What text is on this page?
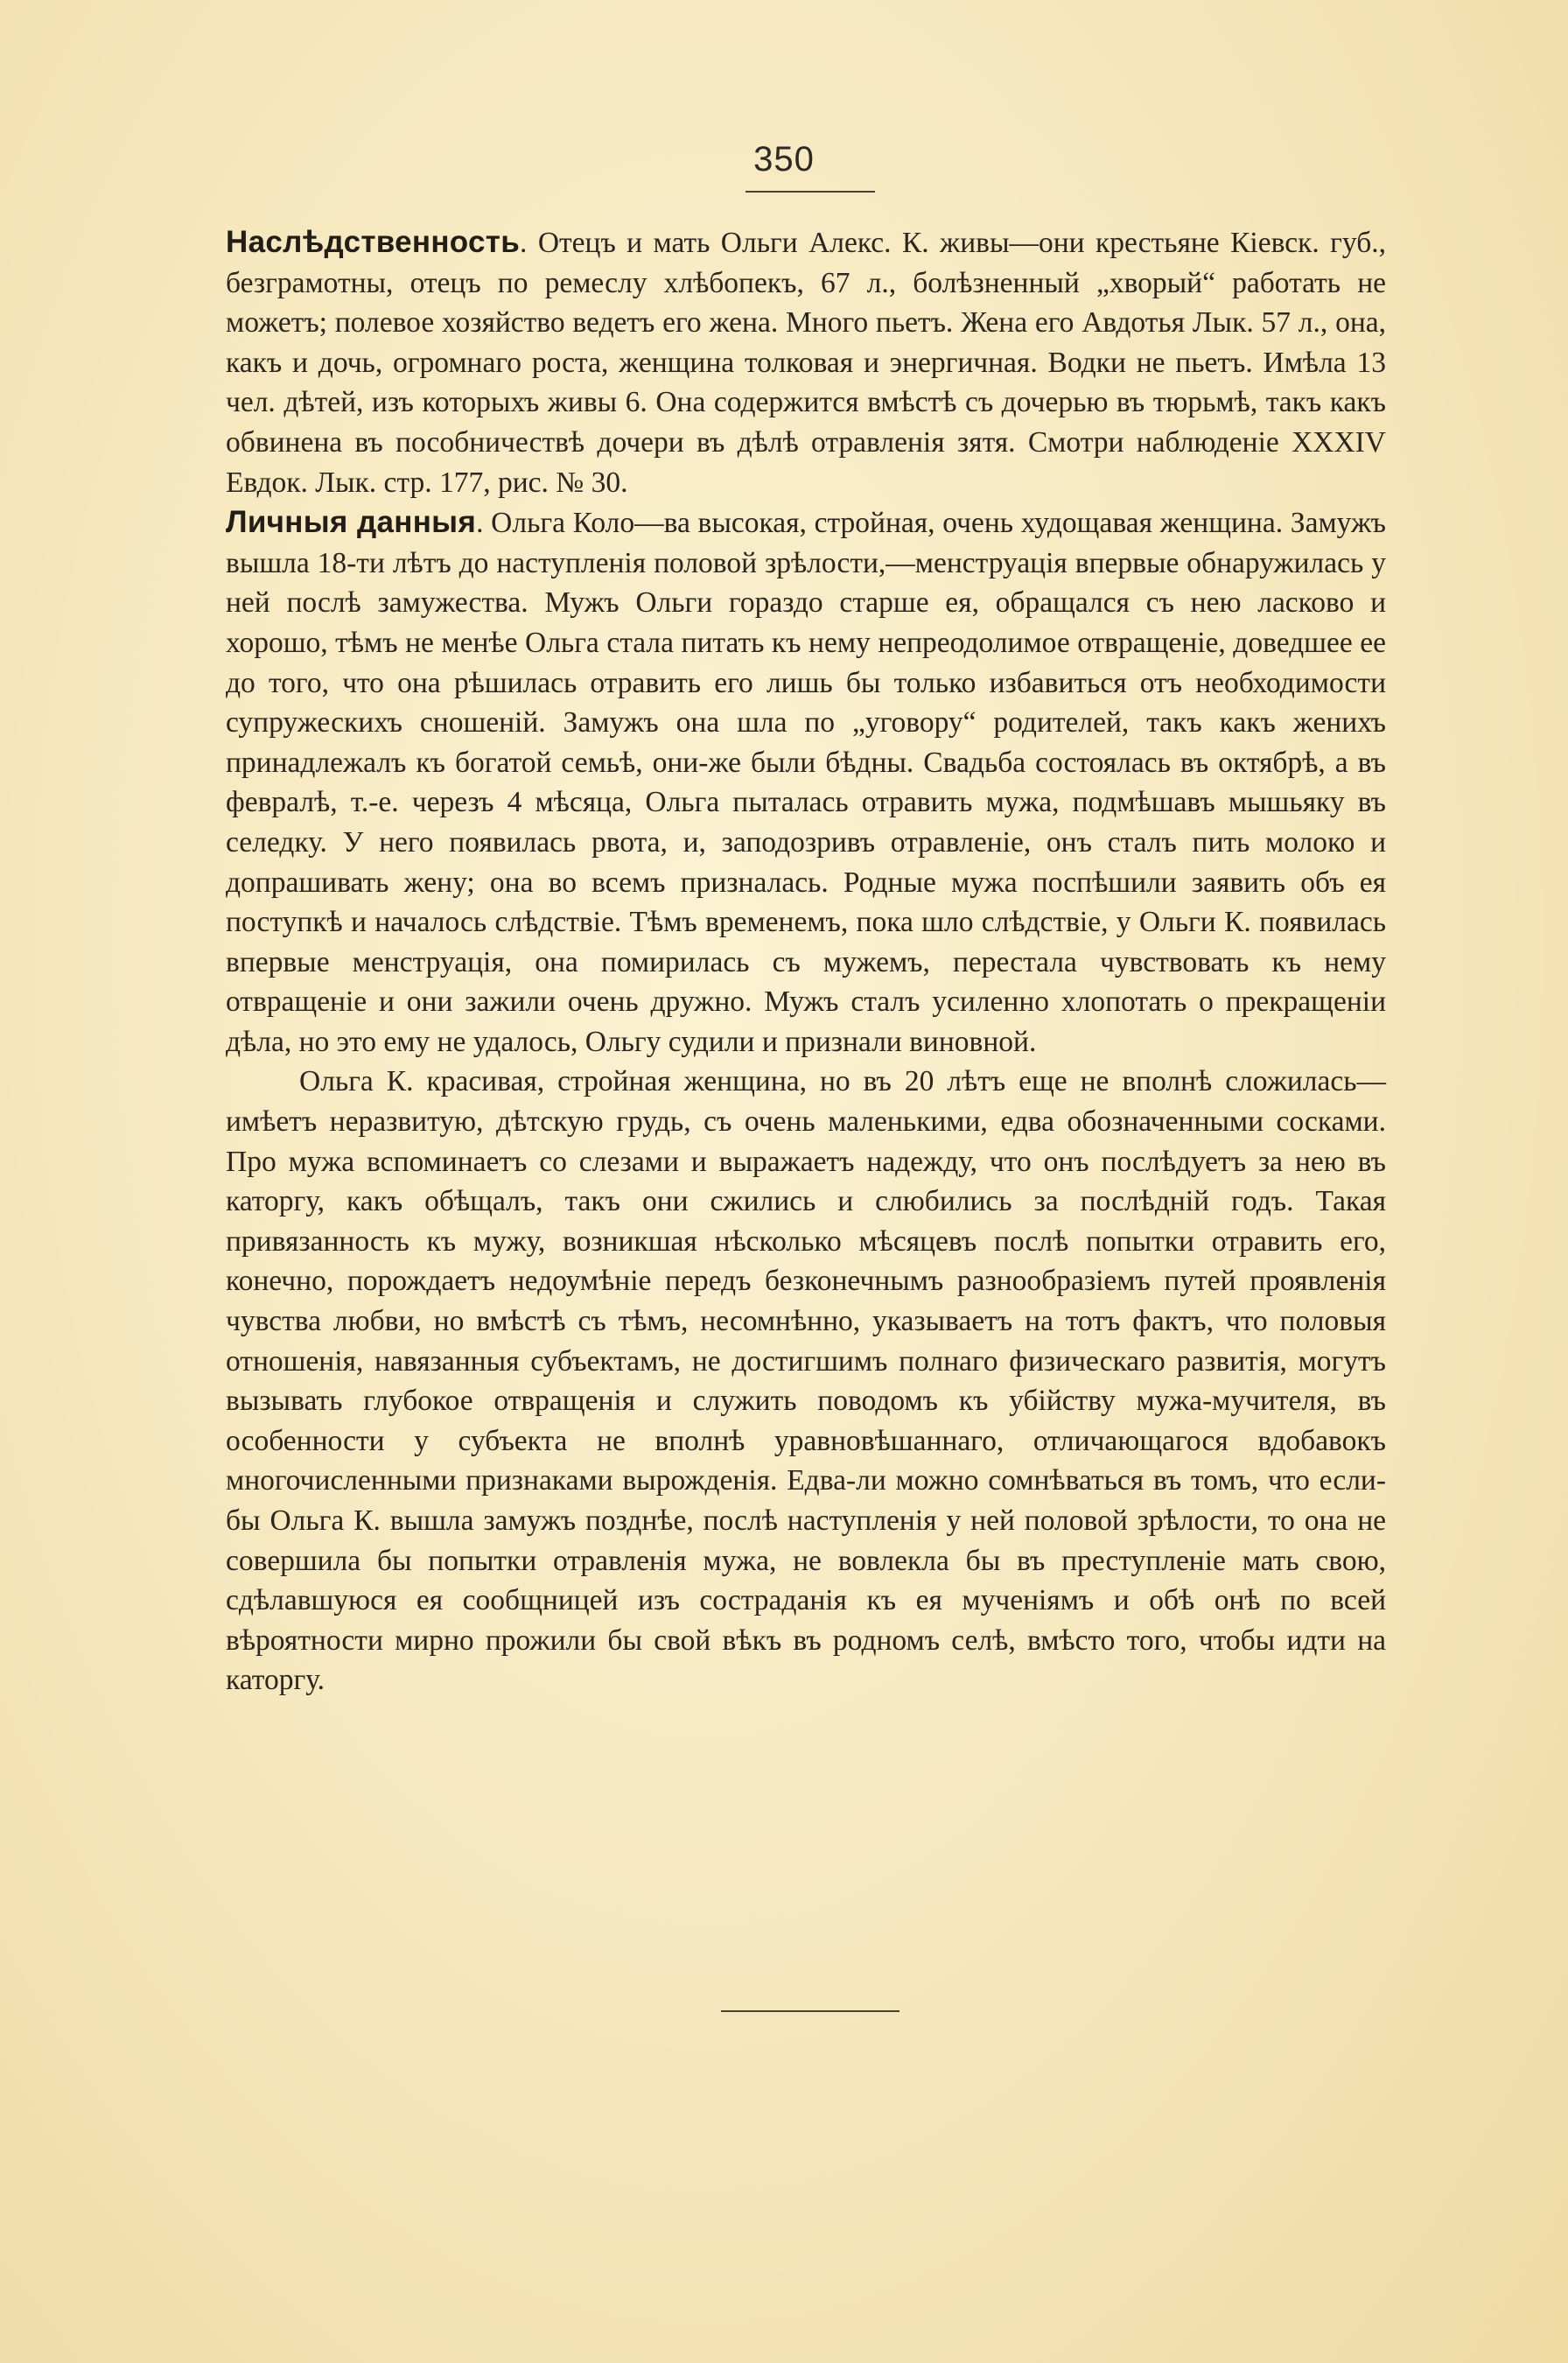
350

Наслѣдственность. Отецъ и мать Ольги Алекс. К. живы—они крестьяне Кіевск. губ., безграмотны, отецъ по ремеслу хлѣбопекъ, 67 л., болѣзненный „хворый“ работать не можетъ; полевое хозяйство ведетъ его жена. Много пьетъ. Жена его Авдотья Лык. 57 л., она, какъ и дочь, огромнаго роста, женщина толковая и энергичная. Водки не пьетъ. Имѣла 13 чел. дѣтей, изъ которыхъ живы 6. Она содержится вмѣстѣ съ дочерью въ тюрьмѣ, такъ какъ обвинена въ пособничествѣ дочери въ дѣлѣ отравленія зятя. Смотри наблюденіе XXXIV Евдок. Лык. стр. 177, рис. № 30.

Личныя данныя. Ольга Коло—ва высокая, стройная, очень худощавая женщина. Замужъ вышла 18-ти лѣтъ до наступленія половой зрѣлости,—менструація впервые обнаружилась у ней послѣ замужества. Мужъ Ольги гораздо старше ея, обращался съ нею ласково и хорошо, тѣмъ не менѣе Ольга стала питать къ нему непреодолимое отвращеніе, доведшее ее до того, что она рѣшилась отравить его лишь бы только избавиться отъ необходимости супружескихъ сношеній. Замужъ она шла по „уговору“ родителей, такъ какъ женихъ принадлежалъ къ богатой семьѣ, они-же были бѣдны. Свадьба состоялась въ октябрѣ, а въ февралѣ, т.-е. черезъ 4 мѣсяца, Ольга пыталась отравить мужа, подмѣшавъ мышьяку въ селедку. У него появилась рвота, и, заподозривъ отравленіе, онъ сталъ пить молоко и допрашивать жену; она во всемъ призналась. Родные мужа поспѣшили заявить объ ея поступкѣ и началось слѣдствіе. Тѣмъ временемъ, пока шло слѣдствіе, у Ольги К. появилась впервые менструація, она помирилась съ мужемъ, перестала чувствовать къ нему отвращеніе и они зажили очень дружно. Мужъ сталъ усиленно хлопотать о прекращеніи дѣла, но это ему не удалось, Ольгу судили и признали виновной.

Ольга К. красивая, стройная женщина, но въ 20 лѣтъ еще не вполнѣ сложилась—имѣетъ неразвитую, дѣтскую грудь, съ очень маленькими, едва обозначенными сосками. Про мужа вспоминаетъ со слезами и выражаетъ надежду, что онъ послѣдуетъ за нею въ каторгу, какъ обѣщалъ, такъ они сжились и слюбились за послѣдній годъ. Такая привязанность къ мужу, возникшая нѣсколько мѣсяцевъ послѣ попытки отравить его, конечно, порождаетъ недоумѣніе передъ безконечнымъ разнообразіемъ путей проявленія чувства любви, но вмѣстѣ съ тѣмъ, несомнѣнно, указываетъ на тотъ фактъ, что половыя отношенія, навязанныя субъектамъ, не достигшимъ полнаго физическаго развитія, могутъ вызывать глубокое отвращенія и служить поводомъ къ убійству мужа-мучителя, въ особенности у субъекта не вполнѣ уравновѣшаннаго, отличающагося вдобавокъ многочисленными признаками вырожденія. Едва-ли можно сомнѣваться въ томъ, что если-бы Ольга К. вышла замужъ позднѣе, послѣ наступленія у ней половой зрѣлости, то она не совершила бы попытки отравленія мужа, не вовлекла бы въ преступленіе мать свою, сдѣлавшуюся ея сообщницей изъ состраданія къ ея мученіямъ и обѣ онѣ по всей вѣроятности мирно прожили бы свой вѣкъ въ родномъ селѣ, вмѣсто того, чтобы идти на каторгу.
